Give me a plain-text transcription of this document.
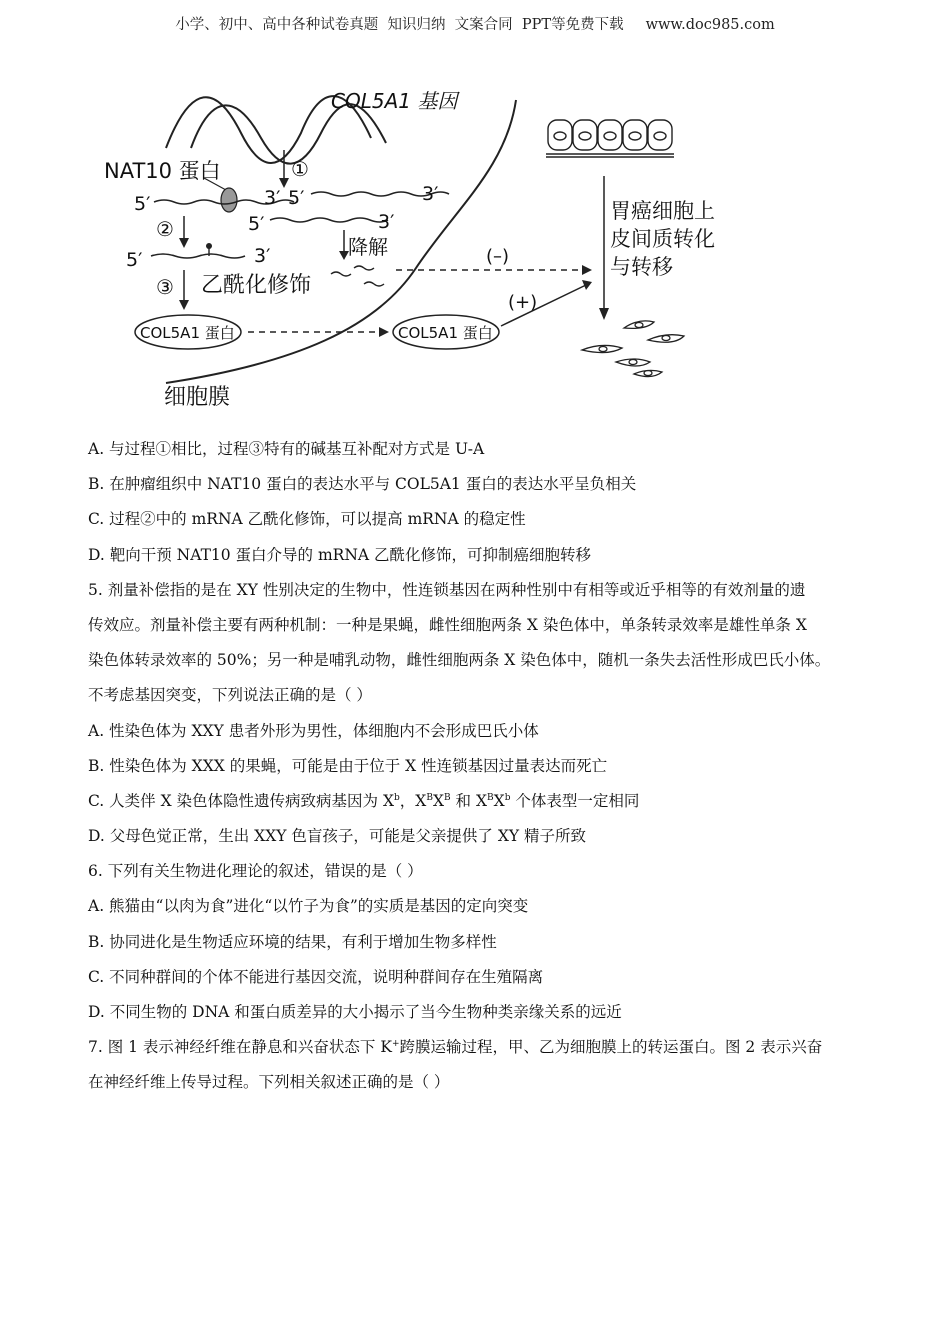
小学、初中、高中各种试卷真题  知识归纳  文案合同  PPT等免费下载 www.doc985.com
COL5A1 基因
①
NAT10 蛋白
5′	3′ 5′	3′
5′	3′
②
5′	3′
③ 乙酰化修饰
降解
细胞膜
(–)
COL5A1 蛋白	COL5A1 蛋白
(+)
胃癌细胞上
皮间质转化
与转移
A. 与过程①相比，过程③特有的碱基互补配对方式是 U-A
B. 在肿瘤组织中 NAT10 蛋白的表达水平与 COL5A1 蛋白的表达水平呈负相关
C. 过程②中的 mRNA 乙酰化修饰，可以提高 mRNA 的稳定性
D. 靶向干预 NAT10 蛋白介导的 mRNA 乙酰化修饰，可抑制癌细胞转移
5. 剂量补偿指的是在 XY 性别决定的生物中，性连锁基因在两种性别中有相等或近乎相等的有效剂量的遗
传效应。剂量补偿主要有两种机制：一种是果蝇，雌性细胞两条 X 染色体中，单条转录效率是雄性单条 X
染色体转录效率的 50%；另一种是哺乳动物，雌性细胞两条 X 染色体中，随机一条失去活性形成巴氏小体。
不考虑基因突变，下列说法正确的是（ ）
A. 性染色体为 XXY 患者外形为男性，体细胞内不会形成巴氏小体
B. 性染色体为 XXX 的果蝇，可能是由于位于 X 性连锁基因过量表达而死亡
C. 人类伴 X 染色体隐性遗传病致病基因为 $X^b$，$X^BX^B$ 和 $X^BX^b$ 个体表型一定相同
D. 父母色觉正常，生出 XXY 色盲孩子，可能是父亲提供了 XY 精子所致
6. 下列有关生物进化理论的叙述，错误的是（ ）
A. 熊猫由“以肉为食”进化“以竹子为食”的实质是基因的定向突变
B. 协同进化是生物适应环境的结果，有利于增加生物多样性
C. 不同种群间的个体不能进行基因交流，说明种群间存在生殖隔离
D. 不同生物的 DNA 和蛋白质差异的大小揭示了当今生物种类亲缘关系的远近
7. 图 1 表示神经纤维在静息和兴奋状态下 K+跨膜运输过程，甲、乙为细胞膜上的转运蛋白。图 2 表示兴奋
在神经纤维上传导过程。下列相关叙述正确的是（ ）
